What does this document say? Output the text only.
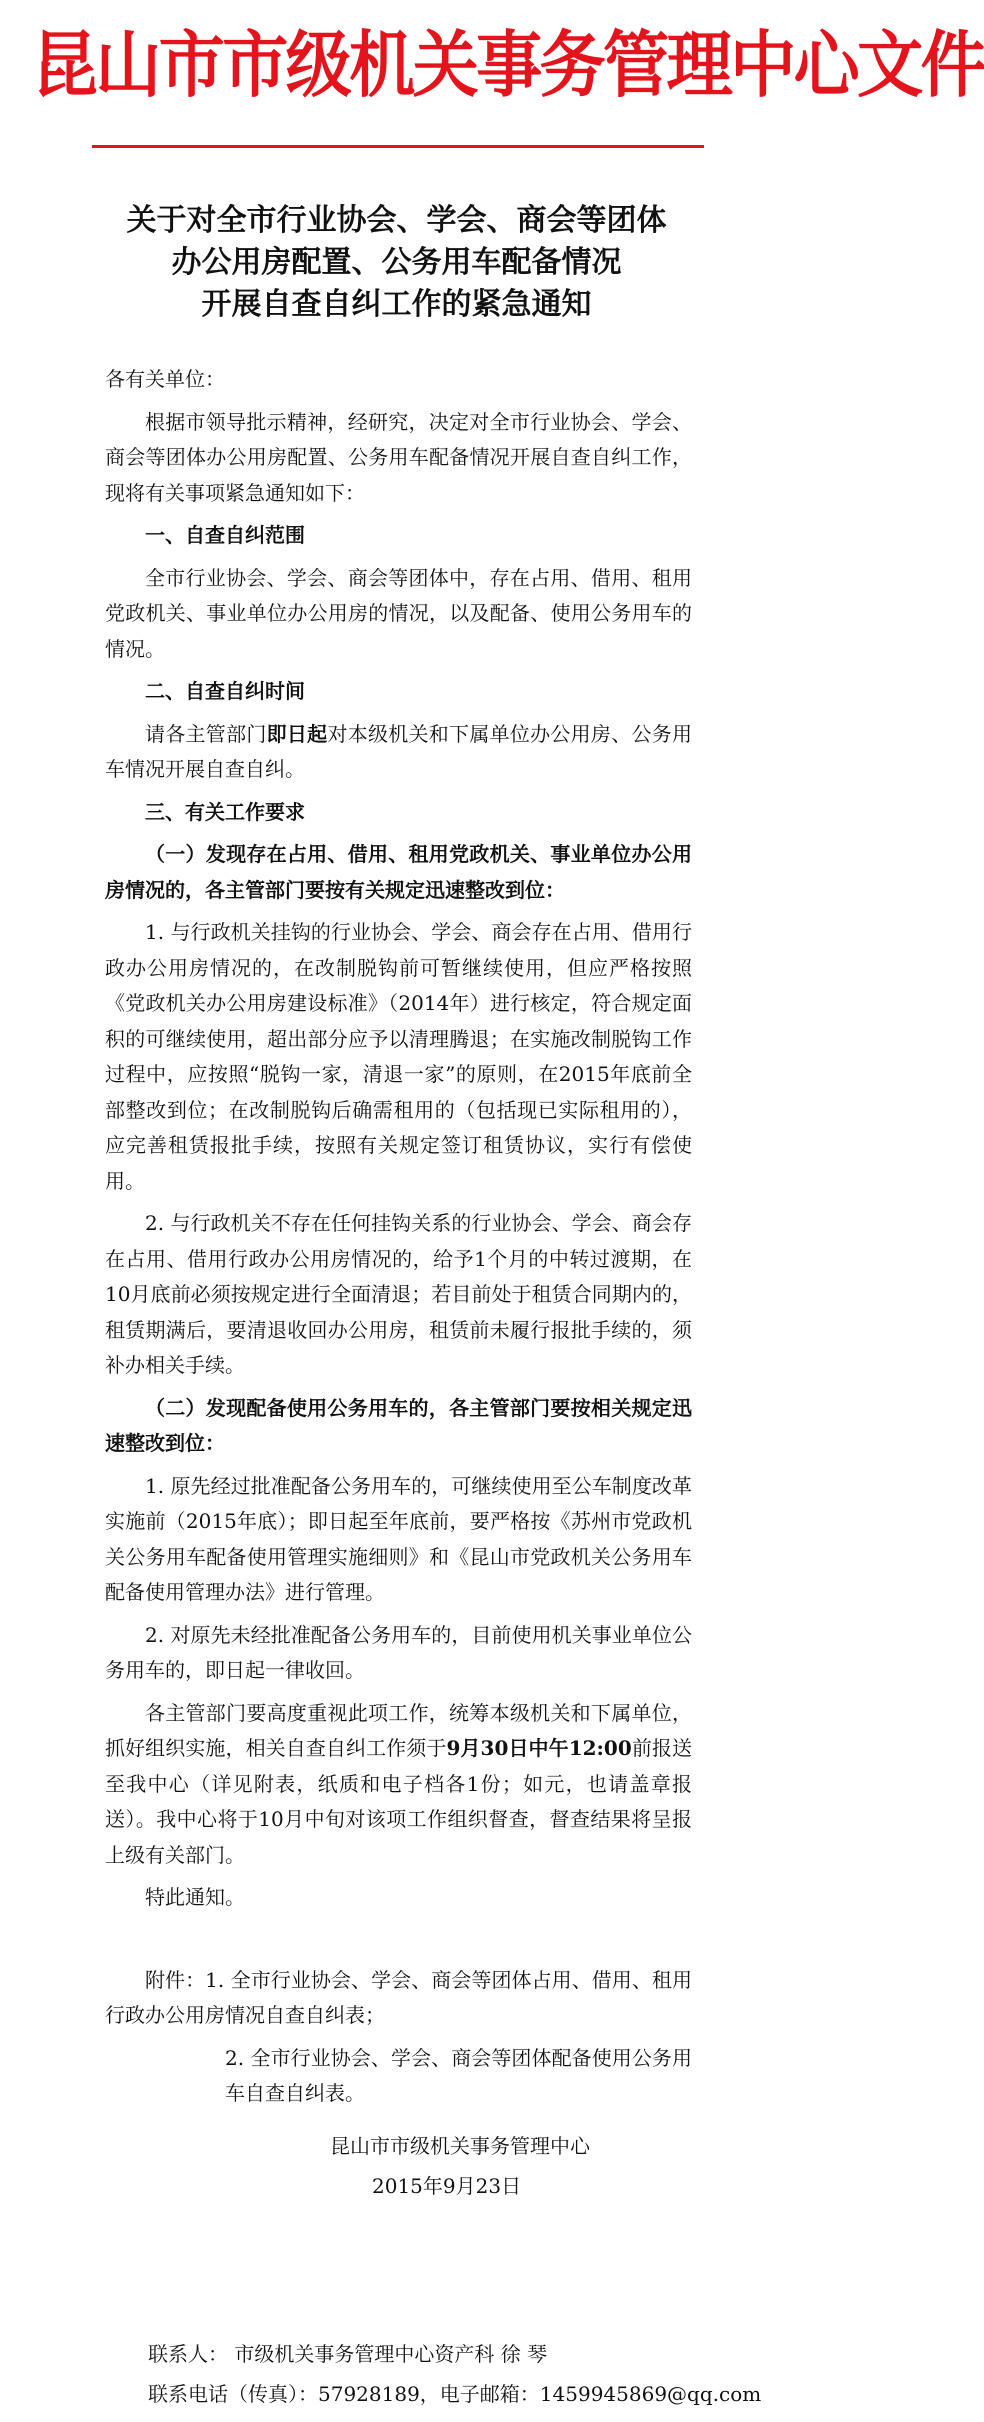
昆山市市级机关事务管理中心文件
关于对全市行业协会、学会、商会等团体
办公用房配置、公务用车配备情况
开展自查自纠工作的紧急通知

各有关单位：

根据市领导批示精神，经研究，决定对全市行业协会、学会、商会等团体办公用房配置、公务用车配备情况开展自查自纠工作，现将有关事项紧急通知如下：

一、自查自纠范围

全市行业协会、学会、商会等团体中，存在占用、借用、租用党政机关、事业单位办公用房的情况，以及配备、使用公务用车的情况。

二、自查自纠时间

请各主管部门即日起对本级机关和下属单位办公用房、公务用车情况开展自查自纠。

三、有关工作要求

（一）发现存在占用、借用、租用党政机关、事业单位办公用房情况的，各主管部门要按有关规定迅速整改到位：

1. 与行政机关挂钩的行业协会、学会、商会存在占用、借用行政办公用房情况的，在改制脱钩前可暂继续使用，但应严格按照《党政机关办公用房建设标准》（2014年）进行核定，符合规定面积的可继续使用，超出部分应予以清理腾退；在实施改制脱钩工作过程中，应按照“脱钩一家，清退一家”的原则，在2015年底前全部整改到位；在改制脱钩后确需租用的（包括现已实际租用的），应完善租赁报批手续，按照有关规定签订租赁协议，实行有偿使用。

2. 与行政机关不存在任何挂钩关系的行业协会、学会、商会存在占用、借用行政办公用房情况的，给予1个月的中转过渡期，在10月底前必须按规定进行全面清退；若目前处于租赁合同期内的，租赁期满后，要清退收回办公用房，租赁前未履行报批手续的，须补办相关手续。

（二）发现配备使用公务用车的，各主管部门要按相关规定迅速整改到位：

1. 原先经过批准配备公务用车的，可继续使用至公车制度改革实施前（2015年底）；即日起至年底前，要严格按《苏州市党政机关公务用车配备使用管理实施细则》和《昆山市党政机关公务用车配备使用管理办法》进行管理。

2. 对原先未经批准配备公务用车的，目前使用机关事业单位公务用车的，即日起一律收回。

各主管部门要高度重视此项工作，统筹本级机关和下属单位，抓好组织实施，相关自查自纠工作须于9月30日中午12:00前报送至我中心（详见附表，纸质和电子档各1份；如元，也请盖章报送）。我中心将于10月中旬对该项工作组织督查，督查结果将呈报上级有关部门。

特此通知。

附件：1. 全市行业协会、学会、商会等团体占用、借用、租用行政办公用房情况自查自纠表；

2. 全市行业协会、学会、商会等团体配备使用公务用车自查自纠表。

昆山市市级机关事务管理中心
2015年9月23日
联系人： 市级机关事务管理中心资产科 徐 琴
联系电话（传真）：57928189，电子邮箱：1459945869@qq.com
